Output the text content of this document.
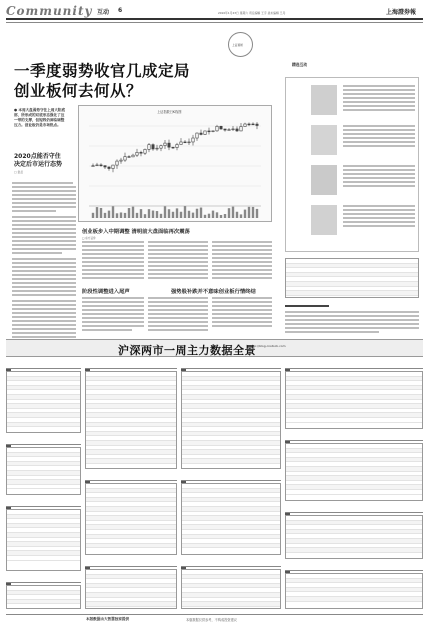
Community 互动 6	2010年1月23日 星期六 责任编辑 王宇 美术编辑 王丹	上海證券報
一季度弱势收官几成定局
创业板何去何从？
上证视听
精选互动
● 本周大盘弱势守住上周大阳底部，所形成的双底形态强化了这一带的支撑，但短线仍面临调整压力。创业板仍是市场热点。
2020点能否守住
决定后市运行态势
□ 金岳
上证指数日K线图
创业板步入中期调整 清明前大盘面临再次震荡
□ 东方证券
阶段性调整进入尾声	强势股补跌并不意味创业板行情终结
沪深两市一周主力数据全景
http://blog.cnstock.com
本版数据由大智慧独家提供	本版数据仅供参考，不构成投资建议
